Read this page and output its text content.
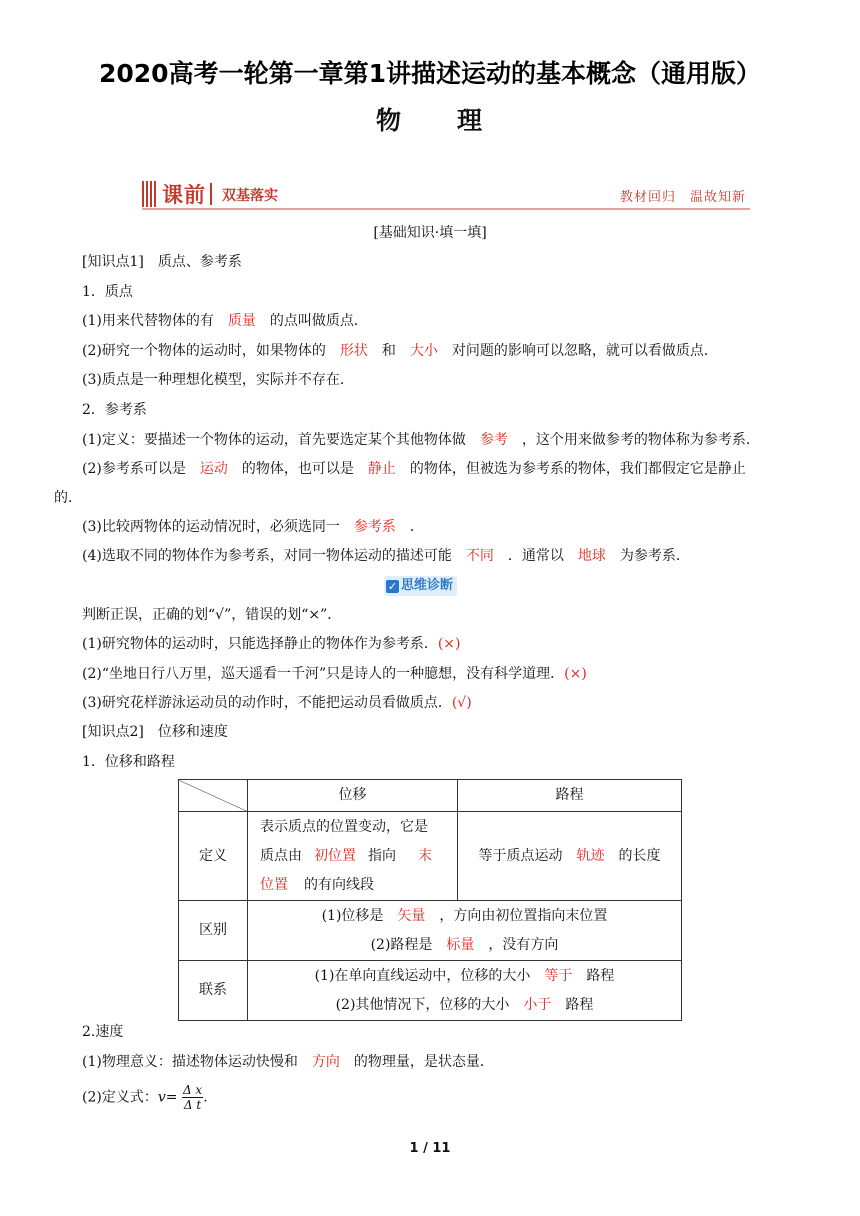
2020高考一轮第一章第1讲描述运动的基本概念（通用版）
物　　理
课前 双基落实	教材回归　温故知新
[基础知识·填一填]
[知识点1]　质点、参考系
1．质点
(1)用来代替物体的有 质量 的点叫做质点．
(2)研究一个物体的运动时，如果物体的 形状 和 大小 对问题的影响可以忽略，就可以看做质点．
(3)质点是一种理想化模型，实际并不存在．
2．参考系
(1)定义：要描述一个物体的运动，首先要选定某个其他物体做 参考 ，这个用来做参考的物体称为参考系．
(2)参考系可以是 运动 的物体，也可以是 静止 的物体，但被选为参考系的物体，我们都假定它是静止
的．
(3)比较两物体的运动情况时，必须选同一 参考系 ．
(4)选取不同的物体作为参考系，对同一物体运动的描述可能 不同 ．通常以 地球 为参考系．
✓ 思维诊断
判断正误，正确的划“√”，错误的划“×”．
(1)研究物体的运动时，只能选择静止的物体作为参考系．(×)
(2)“坐地日行八万里，巡天遥看一千河”只是诗人的一种臆想，没有科学道理．(×)
(3)研究花样游泳运动员的动作时，不能把运动员看做质点．(√)
[知识点2]　位移和速度
1．位移和路程
	位移	路程
定义	表示质点的位置变动，它是
质点由 初位置 指向 末
位置 的有向线段	等于质点运动 轨迹 的长度
区别	(1)位移是 矢量 ，方向由初位置指向末位置
(2)路程是 标量 ，没有方向	

联系	(1)在单向直线运动中，位移的大小 等于 路程
(2)其他情况下，位移的大小 小于 路程	
2.速度
(1)物理意义：描述物体运动快慢和 方向 的物理量，是状态量．
(2)定义式：$v= \frac{\text{Δ x}}{\text{Δ t}}$ .
1 / 11
